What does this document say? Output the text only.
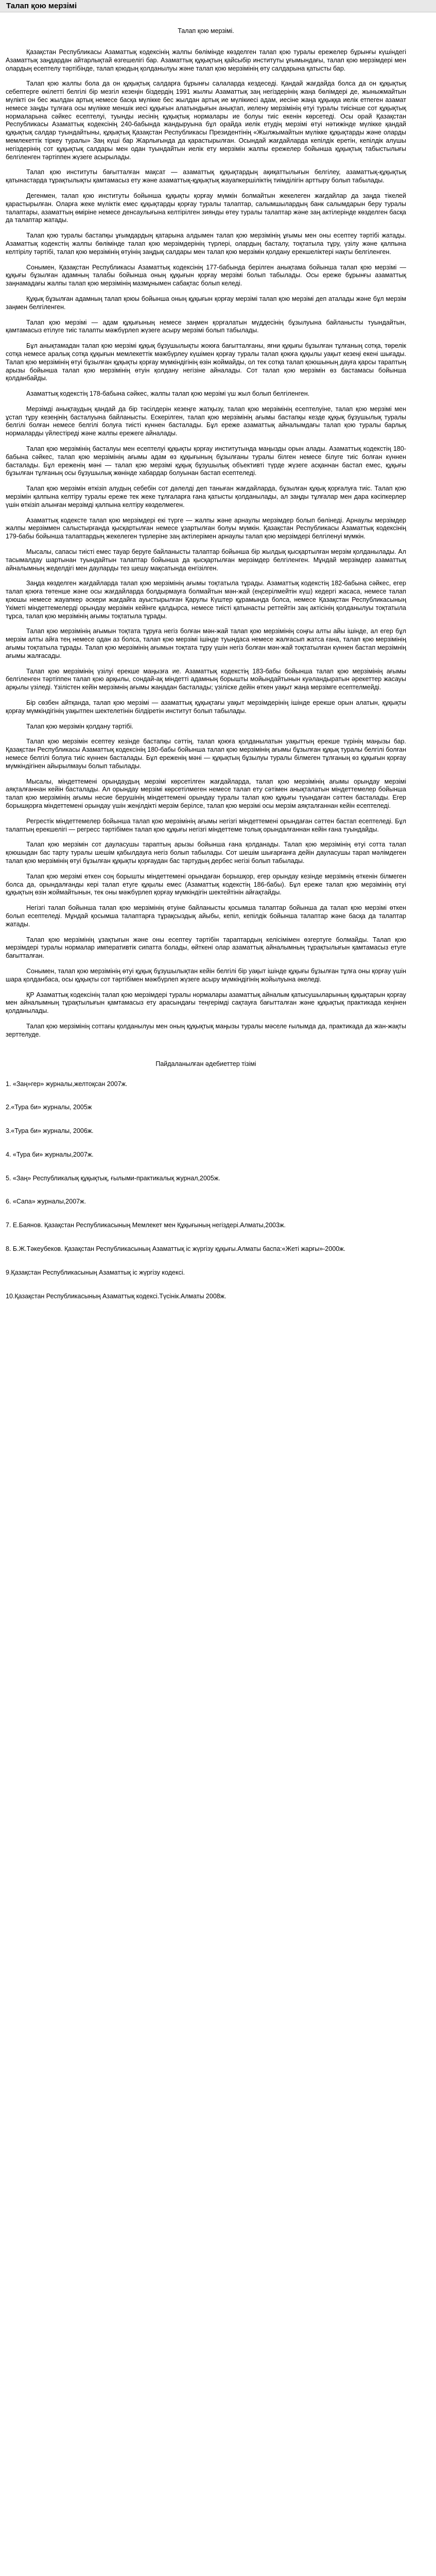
Талап қою мерзімі

Талап қою мерзімі.

Қазақстан Республикасы Азаматтық кодексінің жалпы бөлімінде көзделген талап қою туралы ережелер бұрынғы күшіндегі Азаматтық заңдардан айтарлықтай өзгешелігі бар. Азаматтық құқықтың қайсыбір институты ұғымындағы, талап қою мерзімдері мен олардың есептелу тәртібінде, талап қоюдың қолданылуы және талап қою мерзімінің өту салдарына қатысты бар.

Талап қою жалпы бола да он құқықтық салдарға бұрынғы салаларда кездеседі. Қандай жағдайда болса да он құқықтық себептерге өкілетті белгілі бір мезгіл кезеңін біздердің 1991 жылғы Азаматтық заң негіздерінің жаңа бөлімдері де, жыныжмайтын мүлікті он бес жылдан артық немесе басқа мүлікке бес жылдан артық ие мүлікиесі адам, иесіне жаңа құқыққа иелік етпеген азамат немесе заңды тұлғаға осы мүлікке меншік иесі құқығын алатындығын анықтап, иелену мерзімінің өтуі туралы тиісінше сот құқықтық нормаларына сәйкес есептелуі, туынды иесінің құқықтық нормалары ие болуы тиіс екенін көрсетеді. Осы орай Қазақстан Республикасы Азаматтық кодексінің 240-бабында жандыруына бұл орайда иелік етудің мерзімі өтуі нәтижінде мүлікке қандай құқықтық салдар туындайтыны, құқықтық Қазақстан Республикасы Президентінің «Жылжымайтын мүлікке құқықтарды және оларды мемлекеттік тіркеу туралы» Заң күші бар Жарлығында да қарастырылған. Осындай жағдайларда кепілдік еретін, кепілдік алушы негіздерінің сот құқықтық салдары мен одан туындайтын иелік ету мерзімін жалпы ережелер бойынша құқықтық табыстылығы белгіленген тәртіппен жүзеге асырылады.

Талап қою институты бағытталған мақсат — азаматтық құқықтардың ақиқаттылығын белгілеу, азаматтық-құқықтық қатынастарда тұрақтылықты қамтамасыз ету және азаматтық-құқықтық жауапкершіліктің тиімділігін арттыру болып табылады.

Дегенмен, талап қою институты бойынша құқықты қорғау мүмкін болмайтын жекелеген жағдайлар да заңда тікелей қарастырылған. Оларға жеке мүліктік емес құқықтарды қорғау туралы талаптар, салымшылардың банк салымдарын беру туралы талаптары, азаматтың өміріне немесе денсаулығына келтірілген зиянды өтеу туралы талаптар және заң актілерінде көзделген басқа да талаптар жатады.

Талап қою туралы бастапқы ұғымдардың қатарына алдымен талап қою мерзімінің ұғымы мен оны есептеу тәртібі жатады. Азаматтық кодекстің жалпы бөлімінде талап қою мерзімдерінің түрлері, олардың басталу, тоқтатыла тұру, үзілу және қалпына келтірілу тәртібі, талап қою мерзімінің өтуінің заңдық салдары мен талап қою мерзімін қолдану ерекшеліктері нақты белгіленген.

Сонымен, Қазақстан Республикасы Азаматтық кодексінің 177-бабында берілген анықтама бойынша талап қою мерзімі — құқығы бұзылған адамның талабы бойынша оның құқығын қорғау мерзімі болып табылады. Осы ереже бұрынғы азаматтық заңнамадағы жалпы талап қою мерзімінің мазмұнымен сабақтас болып келеді.

Құқық бұзылған адамның талап қоюы бойынша оның құқығын қорғау мерзімі талап қою мерзімі деп аталады және бұл мерзім заңмен белгіленген.

Талап қою мерзімі — адам құқығының немесе заңмен қорғалатын мүддесінің бұзылуына байланысты туындайтын, қамтамасыз етілуге тиіс талапты мәжбүрлеп жүзеге асыру мерзімі болып табылады.

Бұл анықтамадан талап қою мерзімі құқық бұзушылықты жоюға бағытталғаны, яғни құқығы бұзылған тұлғаның сотқа, төрелік сотқа немесе аралық сотқа құқығын мемлекеттік мәжбүрлеу күшімен қорғау туралы талап қоюға құқылы уақыт кезеңі екені шығады. Талап қою мерзімінің өтуі бұзылған құқықты қорғау мүмкіндігінің өзін жоймайды, ол тек сотқа талап қоюшының дауға қарсы тараптың арызы бойынша талап қою мерзімінің өтуін қолдану негізіне айналады. Сот талап қою мерзімін өз бастамасы бойынша қолданбайды.

Азаматтық кодекстің 178-бабына сәйкес, жалпы талап қою мерзімі үш жыл болып белгіленген.

Мерзімді анықтаудың қандай да бір тәсілдерін кезеңге жатқызу, талап қою мерзімінің есептелуіне, талап қою мерзімі мен ұстап тұру кезеңінің басталуына байланысты. Ескерілген, талап қою мерзімінің ағымы бастапқы кезде құқық бұзушылық туралы белгілі болған немесе белгілі болуға тиісті күннен басталады. Бұл ереже азаматтық айналымдағы талап қою туралы барлық нормаларды үйлестіреді және жалпы ережеге айналады.

Талап қою мерзімінің басталуы мен есептелуі құқықты қорғау институтында маңызды орын алады. Азаматтық кодекстің 180-бабына сәйкес, талап қою мерзімінің ағымы адам өз құқығының бұзылғаны туралы білген немесе білуге тиіс болған күннен басталады. Бұл ереженің мәні — талап қою мерзімі құқық бұзушылық объективті түрде жүзеге асқаннан бастап емес, құқығы бұзылған тұлғаның осы бұзушылық жөнінде хабардар болуынан бастап есептеледі.

Талап қою мерзімін өткізіп алудың себебін сот дәлелді деп таныған жағдайларда, бұзылған құқық қорғалуға тиіс. Талап қою мерзімін қалпына келтіру туралы ереже тек жеке тұлғаларға ғана қатысты қолданылады, ал заңды тұлғалар мен дара кәсіпкерлер үшін өткізіп алынған мерзімді қалпына келтіру көзделмеген.

Азаматтық кодексте талап қою мерзімдері екі түрге — жалпы және арнаулы мерзімдер болып бөлінеді. Арнаулы мерзімдер жалпы мерзіммен салыстырғанда қысқартылған немесе ұзартылған болуы мүмкін. Қазақстан Республикасы Азаматтық кодексінің 179-бабы бойынша талаптардың жекелеген түрлеріне заң актілерімен арнаулы талап қою мерзімдері белгіленуі мүмкін.

Мысалы, сапасы тиісті емес тауар беруге байланысты талаптар бойынша бір жылдық қысқартылған мерзім қолданылады. Ал тасымалдау шартынан туындайтын талаптар бойынша да қысқартылған мерзімдер белгіленген. Мұндай мерзімдер азаматтық айналымның жеделдігі мен дауларды тез шешу мақсатында енгізілген.

Заңда көзделген жағдайларда талап қою мерзімінің ағымы тоқтатыла тұрады. Азаматтық кодекстің 182-бабына сәйкес, егер талап қоюға төтенше және осы жағдайларда болдырмауға болмайтын мән-жай (еңсерілмейтін күш) кедергі жасаса, немесе талап қоюшы немесе жауапкер әскери жағдайға ауыстырылған Қарулы Күштер құрамында болса, немесе Қазақстан Республикасының Үкіметі міндеттемелерді орындау мерзімін кейінге қалдырса, немесе тиісті қатынасты реттейтін заң актісінің қолданылуы тоқтатыла тұрса, талап қою мерзімінің ағымы тоқтатыла тұрады.

Талап қою мерзімінің ағымын тоқтата тұруға негіз болған мән-жай талап қою мерзімінің соңғы алты айы ішінде, ал егер бұл мерзім алты айға тең немесе одан аз болса, талап қою мерзімі ішінде туындаса немесе жалғасып жатса ғана, талап қою мерзімінің ағымы тоқтатыла тұрады. Талап қою мерзімінің ағымын тоқтата тұру үшін негіз болған мән-жай тоқтатылған күннен бастап мерзімнің ағымы жалғасады.

Талап қою мерзімінің үзілуі ерекше маңызға ие. Азаматтық кодекстің 183-бабы бойынша талап қою мерзімінің ағымы белгіленген тәртіппен талап қою арқылы, сондай-ақ міндетті адамның борышты мойындайтынын куәландыратын әрекеттер жасауы арқылы үзіледі. Үзілістен кейін мерзімнің ағымы жаңадан басталады; үзіліске дейін өткен уақыт жаңа мерзімге есептелмейді.

Бір сөзбен айтқанда, талап қою мерзімі — азаматтық құқықтағы уақыт мерзімдерінің ішінде ерекше орын алатын, құқықты қорғау мүмкіндігінің уақытпен шектелетінін білдіретін институт болып табылады.

Талап қою мерзімін қолдану тәртібі.

Талап қою мерзімін есептеу кезінде бастапқы сәттің, талап қоюға қолданылатын уақыттың ерекше түрінің маңызы бар. Қазақстан Республикасы Азаматтық кодексінің 180-бабы бойынша талап қою мерзімінің ағымы бұзылған құқық туралы белгілі болған немесе белгілі болуға тиіс күннен басталады. Бұл ереженің мәні — құқықтың бұзылуы туралы білмеген тұлғаның өз құқығын қорғау мүмкіндігінен айырылмауы болып табылады.

Мысалы, міндеттемені орындаудың мерзімі көрсетілген жағдайларда, талап қою мерзімінің ағымы орындау мерзімі аяқталғаннан кейін басталады. Ал орындау мерзімі көрсетілмеген немесе талап ету сәтімен анықталатын міндеттемелер бойынша талап қою мерзімінің ағымы несие берушінің міндеттемені орындау туралы талап қою құқығы туындаған сәттен басталады. Егер борышқорға міндеттемені орындау үшін жеңілдікті мерзім берілсе, талап қою мерзімі осы мерзім аяқталғаннан кейін есептеледі.

Регрестік міндеттемелер бойынша талап қою мерзімінің ағымы негізгі міндеттемені орындаған сәттен бастап есептеледі. Бұл талаптың ерекшелігі — регресс тәртібімен талап қою құқығы негізгі міндеттеме толық орындалғаннан кейін ғана туындайды.

Талап қою мерзімін сот дауласушы тараптың арызы бойынша ғана қолданады. Талап қою мерзімінің өтуі сотта талап қоюшыдан бас тарту туралы шешім қабылдауға негіз болып табылады. Сот шешім шығарғанға дейін дауласушы тарап мәлімдеген талап қою мерзімінің өтуі бұзылған құқықты қорғаудан бас тартудың дербес негізі болып табылады.

Талап қою мерзімі өткен соң борышты міндеттемені орындаған борышқор, егер орындау кезінде мерзімнің өткенін білмеген болса да, орындалғанды кері талап етуге құқылы емес (Азаматтық кодекстің 186-бабы). Бұл ереже талап қою мерзімінің өтуі құқықтың өзін жоймайтынын, тек оны мәжбүрлеп қорғау мүмкіндігін шектейтінін айғақтайды.

Негізгі талап бойынша талап қою мерзімінің өтуіне байланысты қосымша талаптар бойынша да талап қою мерзімі өткен болып есептеледі. Мұндай қосымша талаптарға тұрақсыздық айыбы, кепіл, кепілдік бойынша талаптар және басқа да талаптар жатады.

Талап қою мерзімінің ұзақтығын және оны есептеу тәртібін тараптардың келісімімен өзгертуге болмайды. Талап қою мерзімдері туралы нормалар императивтік сипатта болады, өйткені олар азаматтық айналымның тұрақтылығын қамтамасыз етуге бағытталған.

Сонымен, талап қою мерзімінің өтуі құқық бұзушылықтан кейін белгілі бір уақыт ішінде құқығы бұзылған тұлға оны қорғау үшін шара қолданбаса, осы құқықты сот тәртібімен мәжбүрлеп жүзеге асыру мүмкіндігінің жойылуына әкеледі.

ҚР Азаматтық кодексінің талап қою мерзімдері туралы нормалары азаматтық айналым қатысушыларының құқықтарын қорғау мен айналымның тұрақтылығын қамтамасыз ету арасындағы теңгерімді сақтауға бағытталған және құқықтық практикада кеңінен қолданылады.

Талап қою мерзімінің соттағы қолданылуы мен оның құқықтық маңызы туралы мәселе ғылымда да, практикада да жан-жақты зерттелуде.

Пайдаланылған әдебиеттер тізімі

1. «Заң»гер» журналы,желтоқсан 2007ж.
2.«Тура би» журналы, 2005ж
3.«Тура би» журналы, 2006ж.
4. «Тура би» журналы,2007ж.
5. «Заң» Республикалық құқықтық, ғылыми-практикалық журнал,2005ж.
6. «Сапа» журналы,2007ж.
7. Е.Баянов. Қазақстан Республикасының Мемлекет мен Құқығының негіздері.Алматы,2003ж.
8. Б.Ж.Тәкеубеков. Қазақстан Республикасының Азаматтық іс жүргізу құқығы.Алматы баспа:«Жеті жарғы»-2000ж.
9.Қазақстан Республикасының Азаматтық іс жүргізу кодексі.
10.Қазақстан Республикасының Азаматтық кодексі.Түсінік.Алматы 2008ж.
